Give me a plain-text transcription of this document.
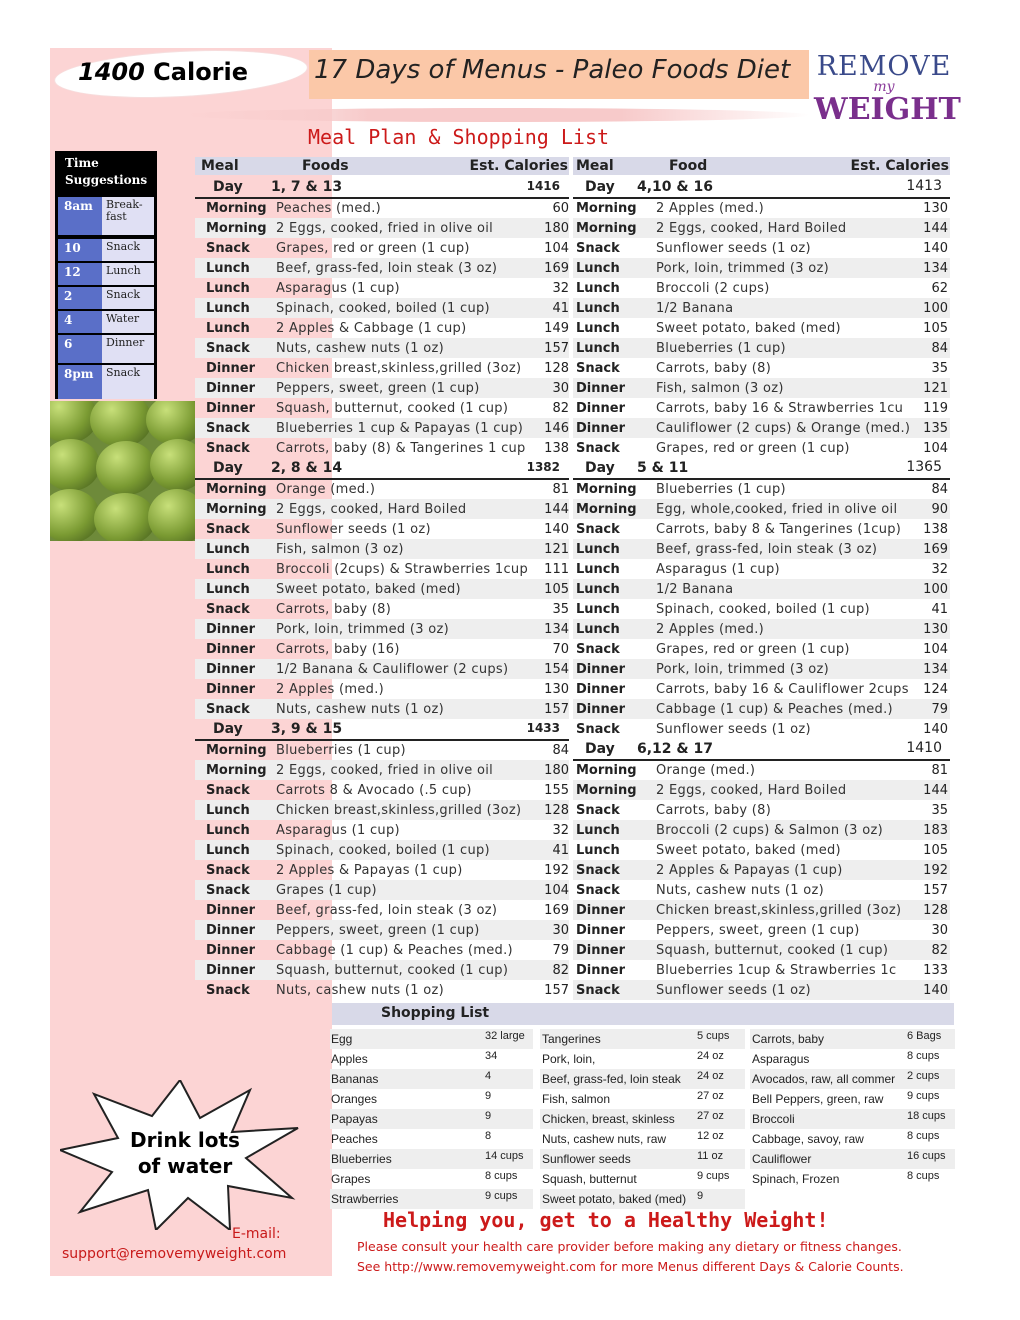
1400 Calorie	17 Days of Menus - Paleo Foods Diet REMOVE
my
WEIGHT
Meal Plan & Shopping List
Time
Suggestions
8am	Break- fast
10	Snack
12	Lunch
2	Snack
4	Water
6	Dinner
8pm	Snack
Meal	Foods	Est. Calories
Day 1, 7 & 13	1416
Morning Peaches (med.)	60
Morning 2 Eggs, cooked, fried in olive oil	180
Snack Grapes, red or green (1 cup)	104
Lunch Beef, grass-fed, loin steak (3 oz)	169
Lunch Asparagus (1 cup)	32
Lunch Spinach, cooked, boiled (1 cup)	41
Lunch 2 Apples & Cabbage (1 cup)	149
Snack Nuts, cashew nuts (1 oz)	157
Dinner Chicken breast,skinless,grilled (3oz) 128
Dinner Peppers, sweet, green (1 cup)	30
Dinner Squash, butternut, cooked (1 cup)	82
Snack Blueberries 1 cup & Papayas (1 cup) 146
Snack Carrots, baby (8) & Tangerines 1 cup 138
Day 2, 8 & 14	1382
Morning Orange (med.)	81
Morning 2 Eggs, cooked, Hard Boiled	144
Snack Sunflower seeds (1 oz)	140
Lunch Fish, salmon (3 oz)	121
Lunch Broccoli (2cups) & Strawberries 1cup 111
Lunch Sweet potato, baked (med)	105
Snack Carrots, baby (8)	35
Dinner Pork, loin, trimmed (3 oz)	134
Dinner Carrots, baby (16)	70
Dinner 1/2 Banana & Cauliflower (2 cups)	154
Dinner 2 Apples (med.)	130
Snack Nuts, cashew nuts (1 oz)	157
Day 3, 9 & 15	1433
Morning Blueberries (1 cup)	84
Morning 2 Eggs, cooked, fried in olive oil	180
Snack Carrots 8 & Avocado (.5 cup)	155
Lunch Chicken breast,skinless,grilled (3oz) 128
Lunch Asparagus (1 cup)	32
Lunch Spinach, cooked, boiled (1 cup)	41
Snack 2 Apples & Papayas (1 cup)	192
Snack Grapes (1 cup)	104
Dinner Beef, grass-fed, loin steak (3 oz)	169
Dinner Peppers, sweet, green (1 cup)	30
Dinner Cabbage (1 cup) & Peaches (med.)	79
Dinner Squash, butternut, cooked (1 cup)	82
Snack Nuts, cashew nuts (1 oz)	157
Meal	Food	Est. Calories
Day 4,10 & 16	1413
Morning 2 Apples (med.)	130
Morning 2 Eggs, cooked, Hard Boiled	144
Snack	Sunflower seeds (1 oz)	140
Lunch	Pork, loin, trimmed (3 oz)	134
Lunch	Broccoli (2 cups)	62
Lunch	1/2 Banana	100
Lunch	Sweet potato, baked (med)	105
Lunch	Blueberries (1 cup)	84
Snack	Carrots, baby (8)	35
Dinner Fish, salmon (3 oz)	121
Dinner Carrots, baby 16 & Strawberries 1cu 119
Dinner Cauliflower (2 cups) & Orange (med.) 135
Snack	Grapes, red or green (1 cup)	104
Day 5 & 11	1365
Morning Blueberries (1 cup)	84
Morning Egg, whole,cooked, fried in olive oil	90
Snack	Carrots, baby 8 & Tangerines (1cup) 138
Lunch	Beef, grass-fed, loin steak (3 oz)	169
Lunch	Asparagus (1 cup)	32
Lunch	1/2 Banana	100
Lunch	Spinach, cooked, boiled (1 cup)	41
Lunch	2 Apples (med.)	130
Snack	Grapes, red or green (1 cup)	104
Dinner Pork, loin, trimmed (3 oz)	134
Dinner Carrots, baby 16 & Cauliflower 2cups 124
Dinner Cabbage (1 cup) & Peaches (med.)	79
Snack	Sunflower seeds (1 oz)	140
Day 6,12 & 17	1410
Morning Orange (med.)	81
Morning 2 Eggs, cooked, Hard Boiled	144
Snack	Carrots, baby (8)	35
Lunch	Broccoli (2 cups) & Salmon (3 oz)	183
Lunch	Sweet potato, baked (med)	105
Snack	2 Apples & Papayas (1 cup)	192
Snack	Nuts, cashew nuts (1 oz)	157
Dinner Chicken breast,skinless,grilled (3oz) 128
Dinner Peppers, sweet, green (1 cup)	30
Dinner Squash, butternut, cooked (1 cup)	82
Dinner Blueberries 1cup & Strawberries 1c 133
Snack	Sunflower seeds (1 oz)	140
Shopping List
Egg	32 large
Apples	34
Bananas	4
Oranges	9
Papayas	9
Peaches	8
Blueberries	14 cups
Grapes	8 cups
Strawberries	9 cups
Tangerines	5 cups
Pork, loin,	24 oz
Beef, grass-fed, loin steak 24 oz
Fish, salmon	27 oz
Chicken, breast, skinless 27 oz
Nuts, cashew nuts, raw	12 oz
Sunflower seeds	11 oz
Squash, butternut	9 cups
Sweet potato, baked (med) 9
Carrots, baby	6 Bags
Asparagus	8 cups
Avocados, raw, all commer 2 cups
Bell Peppers, green, raw 9 cups
Broccoli	18 cups
Cabbage, savoy, raw	8 cups
Cauliflower	16 cups
Spinach, Frozen	8 cups
Drink lots
of water
E-mail:
support@removemyweight.com
Helping you, get to a Healthy Weight!
Please consult your health care provider before making any dietary or fitness changes.
See http://www.removemyweight.com for more Menus different Days & Calorie Counts.
